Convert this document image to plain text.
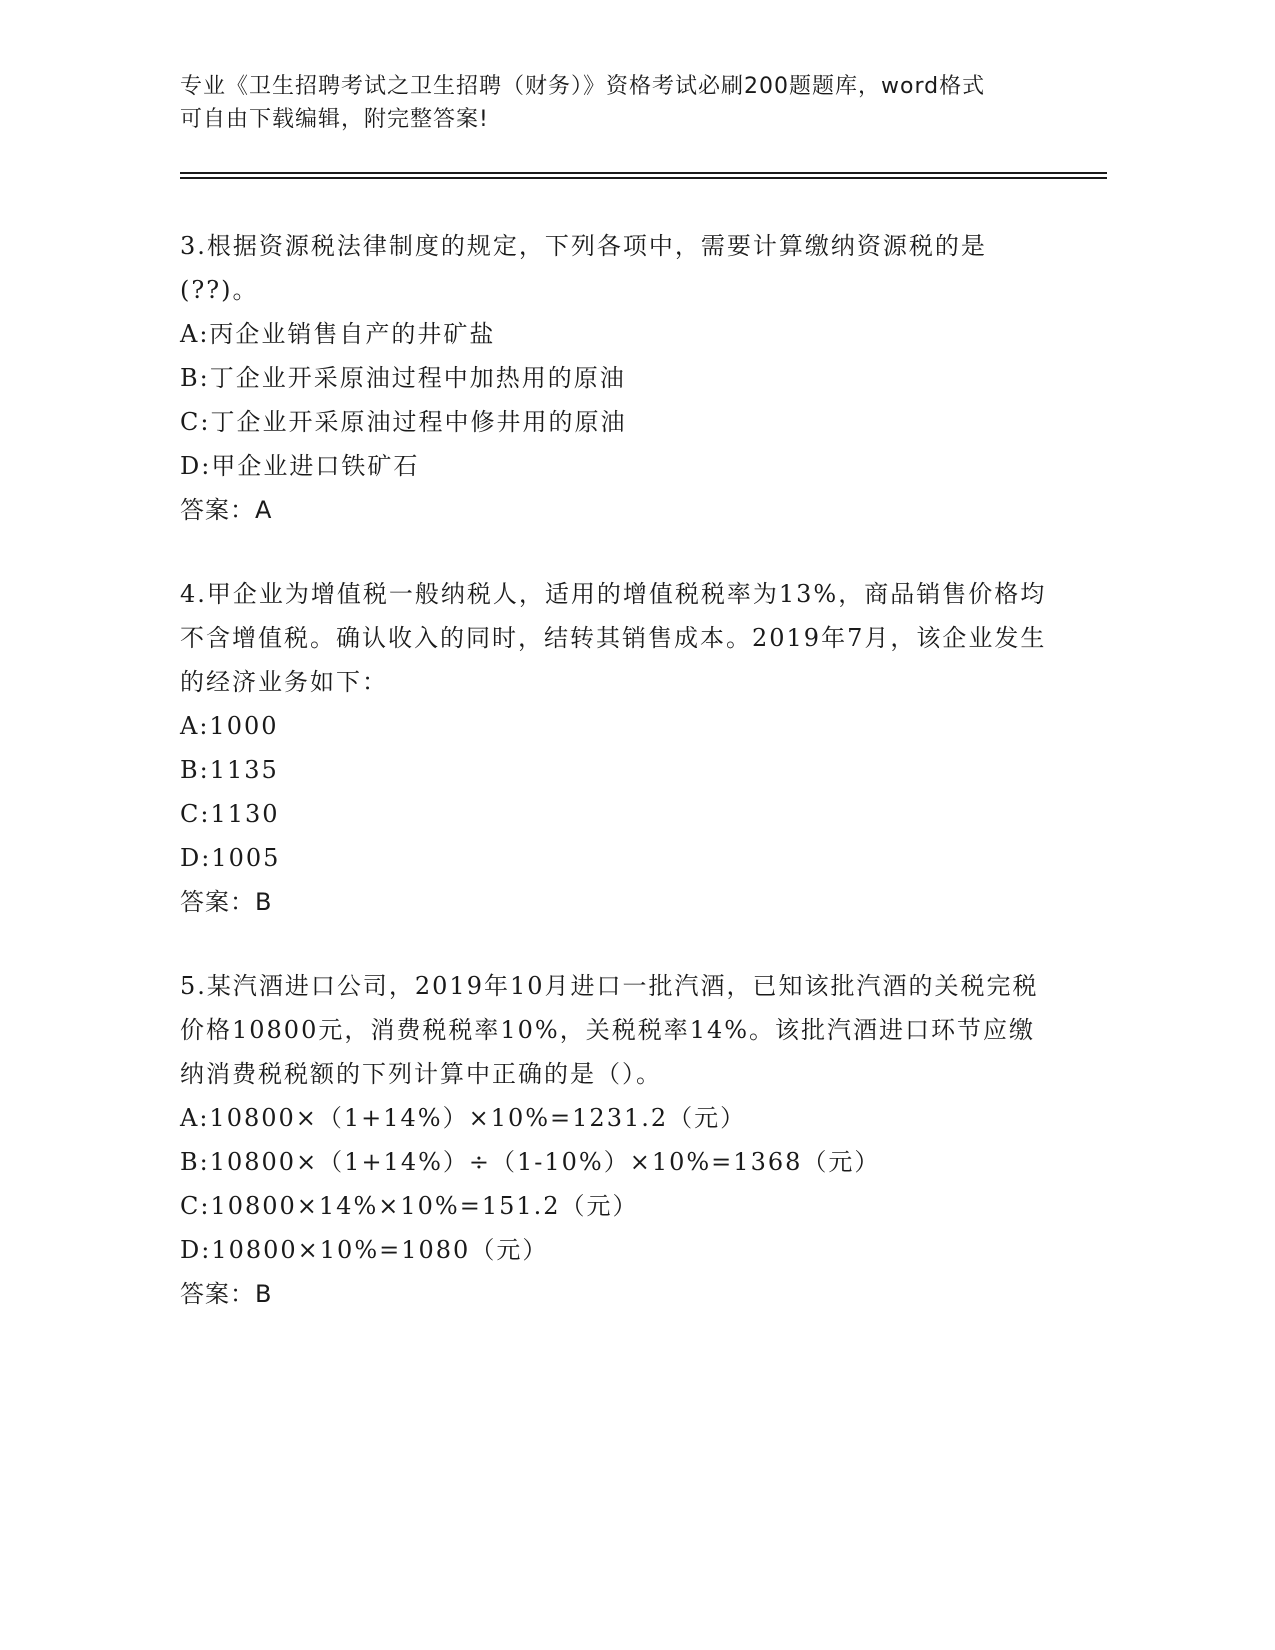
专业《卫生招聘考试之卫生招聘（财务）》资格考试必刷200题题库，word格式
可自由下载编辑，附完整答案!

3.根据资源税法律制度的规定，下列各项中，需要计算缴纳资源税的是(??)。

A:丙企业销售自产的井矿盐

B:丁企业开采原油过程中加热用的原油

C:丁企业开采原油过程中修井用的原油

D:甲企业进口铁矿石

答案：A

4.甲企业为增值税一般纳税人，适用的增值税税率为13%，商品销售价格均不含增值税。确认收入的同时，结转其销售成本。2019年7月，该企业发生的经济业务如下：

A:1000

B:1135

C:1130

D:1005

答案：B

5.某汽酒进口公司，2019年10月进口一批汽酒，已知该批汽酒的关税完税价格10800元，消费税税率10%，关税税率14%。该批汽酒进口环节应缴纳消费税税额的下列计算中正确的是（）。

A:10800×（1+14%）×10%=1231.2（元）

B:10800×（1+14%）÷（1-10%）×10%=1368（元）

C:10800×14%×10%=151.2（元）

D:10800×10%=1080（元）

答案：B
